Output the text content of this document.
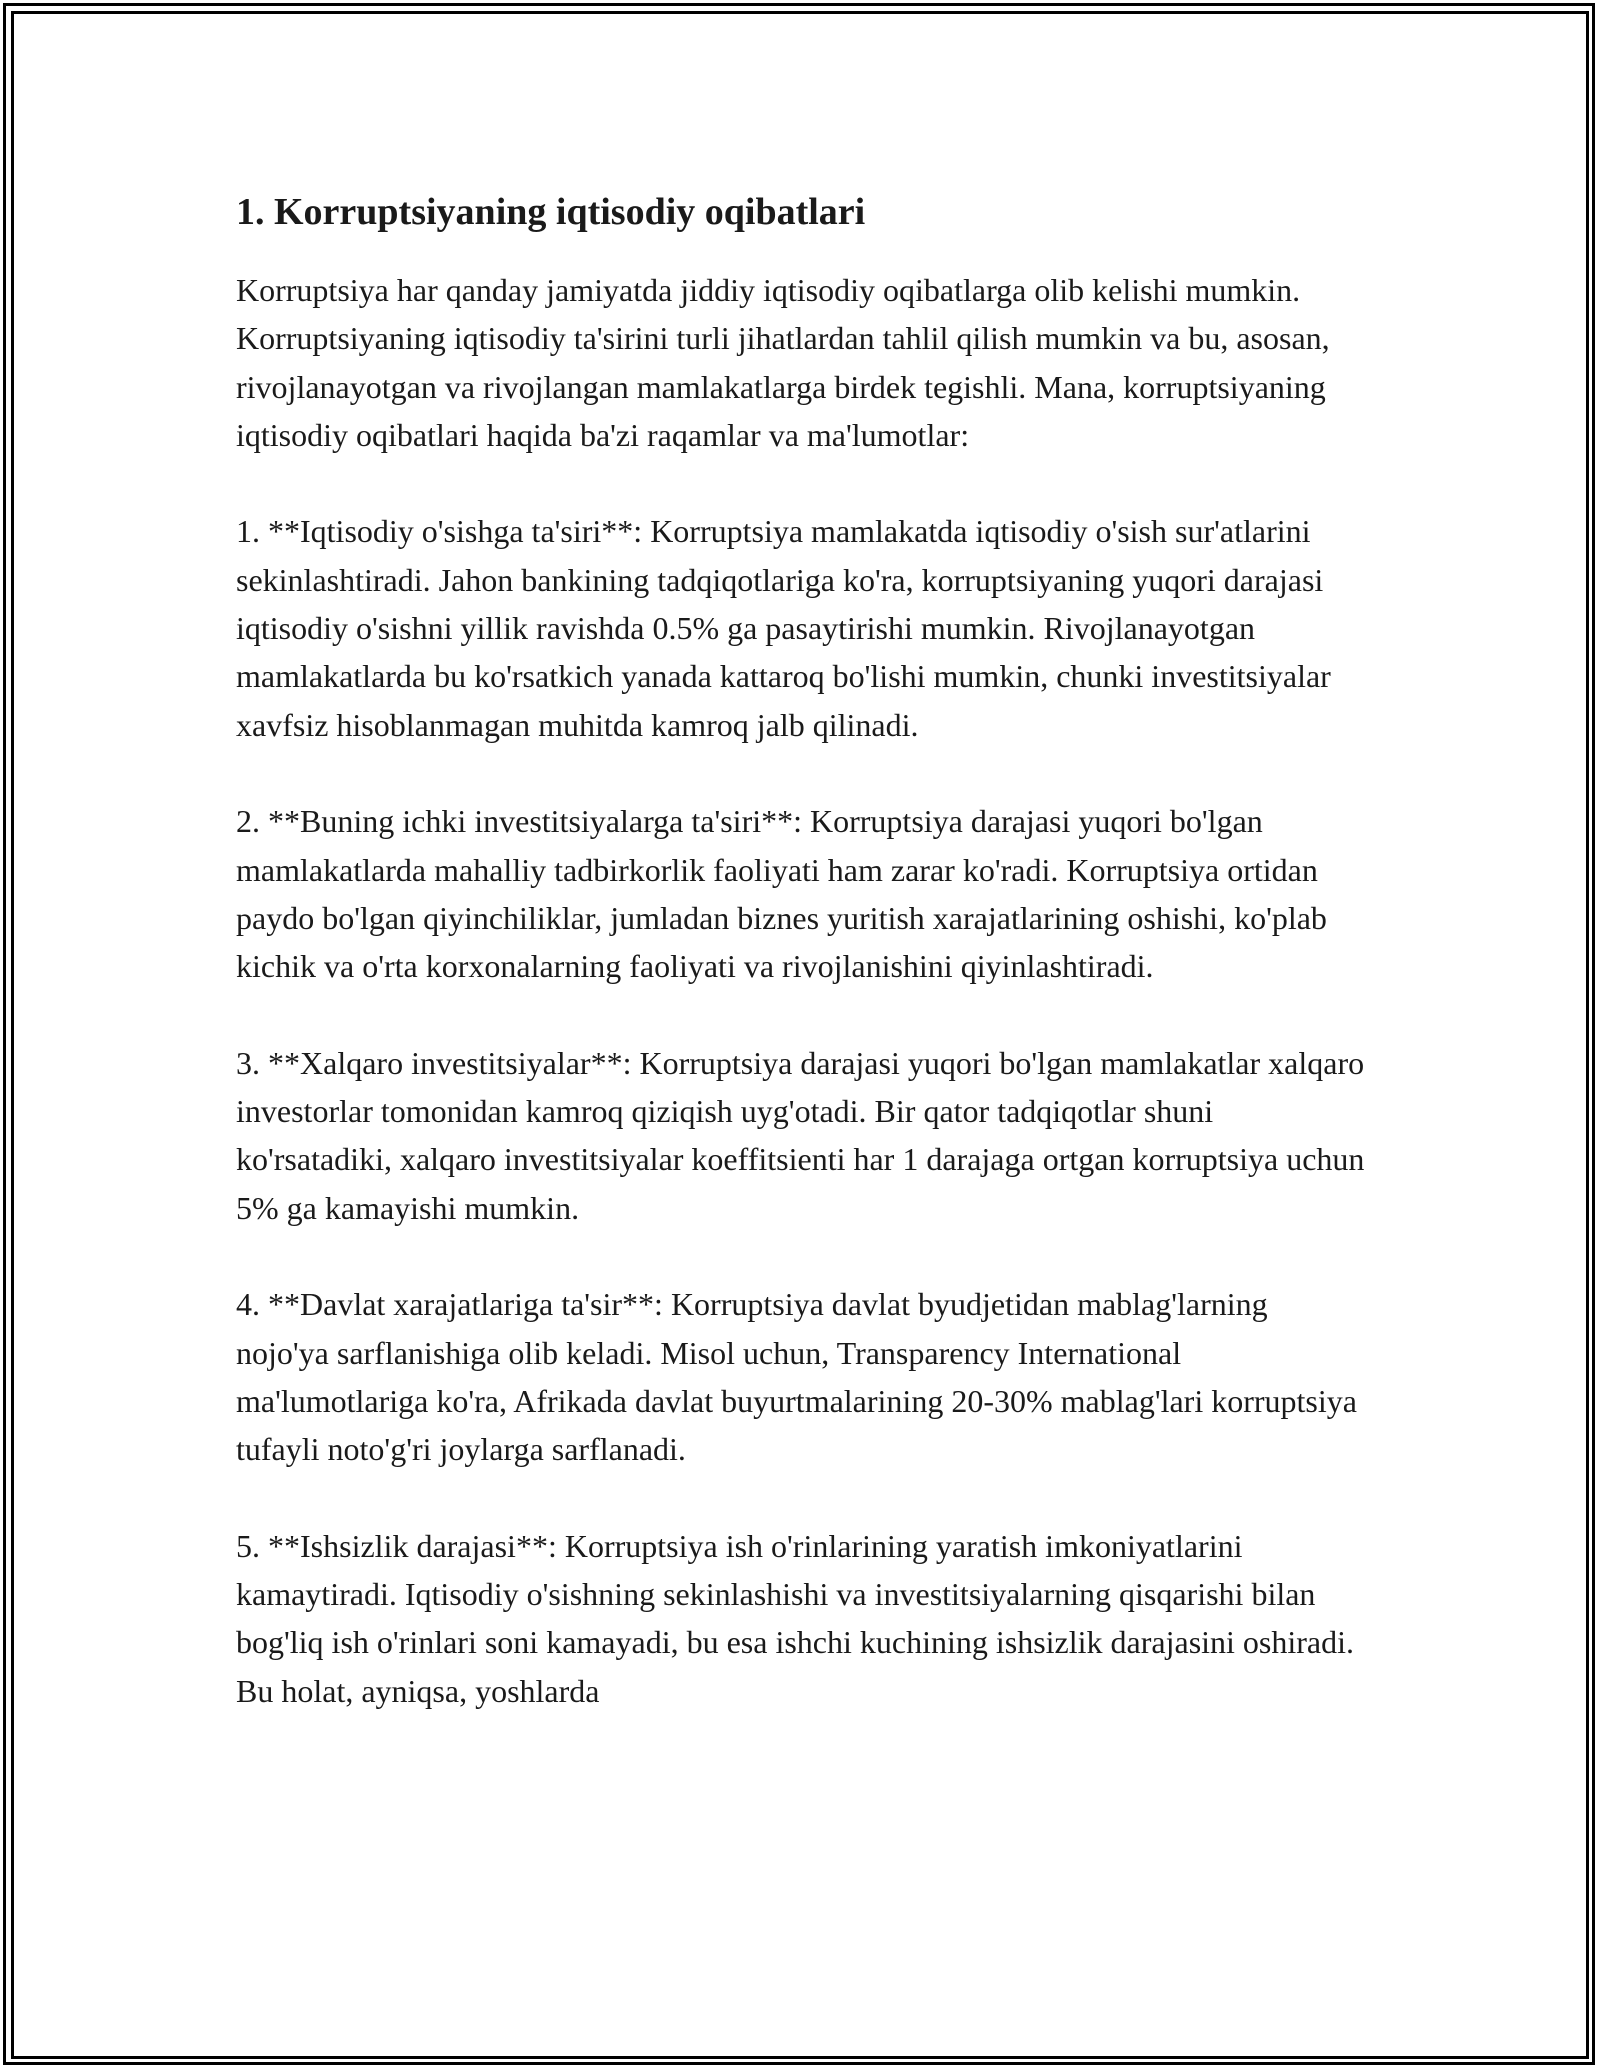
1. Korruptsiyaning iqtisodiy oqibatlari

Korruptsiya har qanday jamiyatda jiddiy iqtisodiy oqibatlarga olib kelishi mumkin. Korruptsiyaning iqtisodiy ta'sirini turli jihatlardan tahlil qilish mumkin va bu, asosan, rivojlanayotgan va rivojlangan mamlakatlarga birdek tegishli. Mana, korruptsiyaning iqtisodiy oqibatlari haqida ba'zi raqamlar va ma'lumotlar:

1. **Iqtisodiy o'sishga ta'siri**: Korruptsiya mamlakatda iqtisodiy o'sish sur'atlarini sekinlashtiradi. Jahon bankining tadqiqotlariga ko'ra, korruptsiyaning yuqori darajasi iqtisodiy o'sishni yillik ravishda 0.5% ga pasaytirishi mumkin. Rivojlanayotgan mamlakatlarda bu ko'rsatkich yanada kattaroq bo'lishi mumkin, chunki investitsiyalar xavfsiz hisoblanmagan muhitda kamroq jalb qilinadi.

2. **Buning ichki investitsiyalarga ta'siri**: Korruptsiya darajasi yuqori bo'lgan mamlakatlarda mahalliy tadbirkorlik faoliyati ham zarar ko'radi. Korruptsiya ortidan paydo bo'lgan qiyinchiliklar, jumladan biznes yuritish xarajatlarining oshishi, ko'plab kichik va o'rta korxonalarning faoliyati va rivojlanishini qiyinlashtiradi.

3. **Xalqaro investitsiyalar**: Korruptsiya darajasi yuqori bo'lgan mamlakatlar xalqaro investorlar tomonidan kamroq qiziqish uyg'otadi. Bir qator tadqiqotlar shuni ko'rsatadiki, xalqaro investitsiyalar koeffitsienti har 1 darajaga ortgan korruptsiya uchun 5% ga kamayishi mumkin.

4. **Davlat xarajatlariga ta'sir**: Korruptsiya davlat byudjetidan mablag'larning nojo'ya sarflanishiga olib keladi. Misol uchun, Transparency International ma'lumotlariga ko'ra, Afrikada davlat buyurtmalarining 20-30% mablag'lari korruptsiya tufayli noto'g'ri joylarga sarflanadi.

5. **Ishsizlik darajasi**: Korruptsiya ish o'rinlarining yaratish imkoniyatlarini kamaytiradi. Iqtisodiy o'sishning sekinlashishi va investitsiyalarning qisqarishi bilan bog'liq ish o'rinlari soni kamayadi, bu esa ishchi kuchining ishsizlik darajasini oshiradi. Bu holat, ayniqsa, yoshlarda
